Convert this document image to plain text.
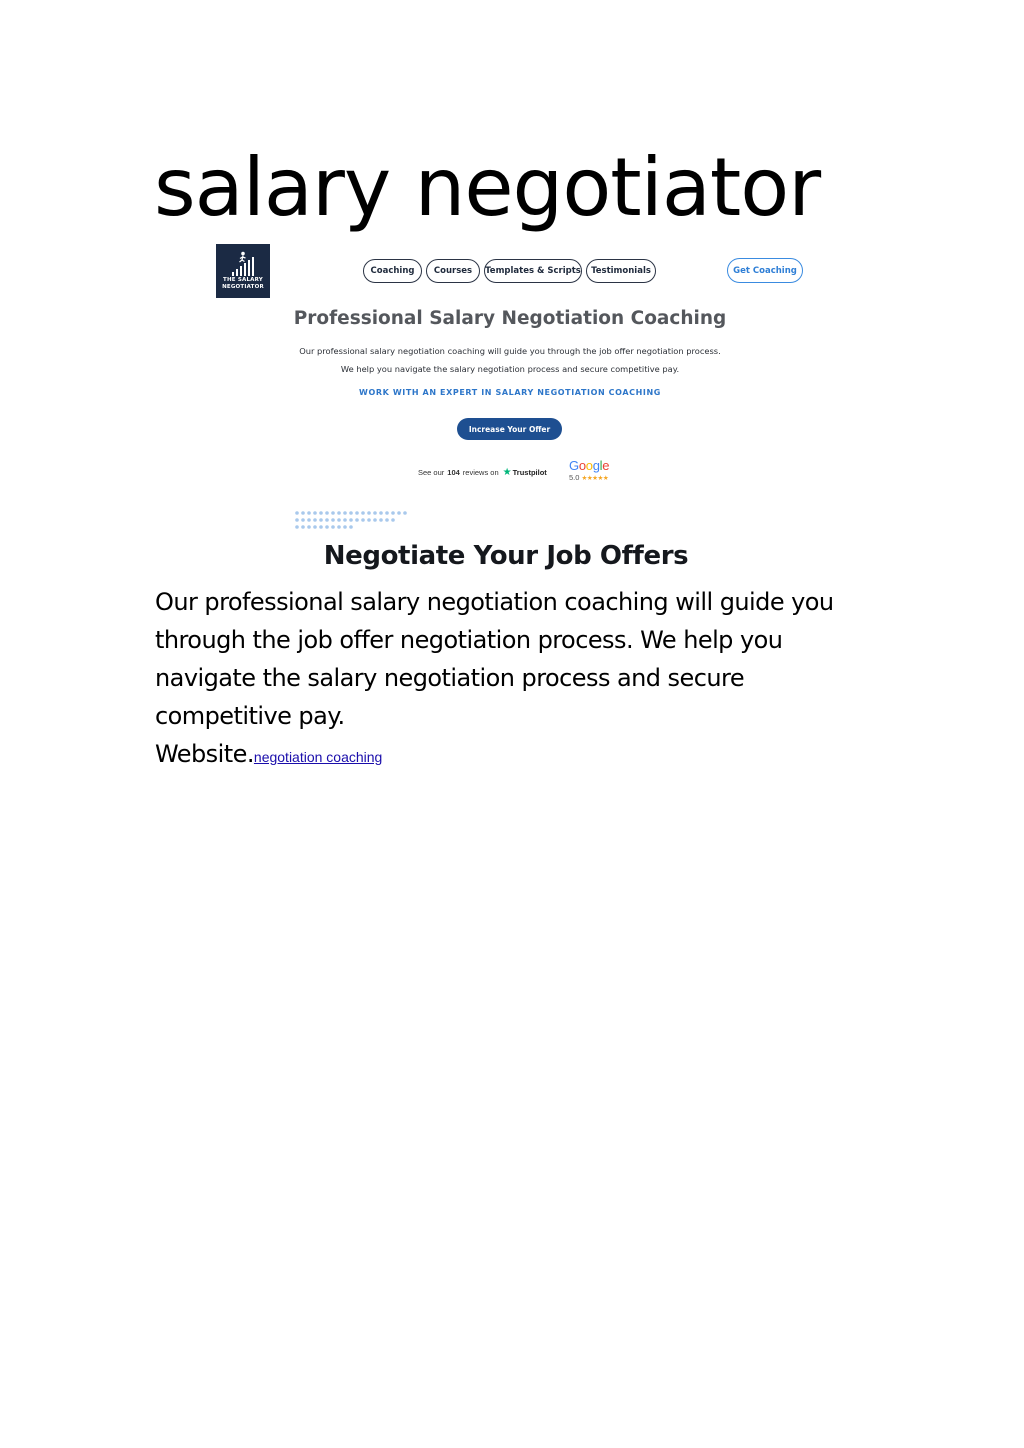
salary negotiator
THE SALARY
NEGOTIATOR
Coaching	Courses	Templates & Scripts	Testimonials	Get Coaching
Professional Salary Negotiation Coaching

Our professional salary negotiation coaching will guide you through the job offer negotiation process.

We help you navigate the salary negotiation process and secure competitive pay.

WORK WITH AN EXPERT IN SALARY NEGOTIATION COACHING
Increase Your Offer
See our 104 reviews on ★ Trustpilot Google
5.0 ★★★★★
Negotiate Your Job Offers

Our professional salary negotiation coaching will guide you through the job offer negotiation process. We help you navigate the salary negotiation process and secure competitive pay.

Website.negotiation coaching
